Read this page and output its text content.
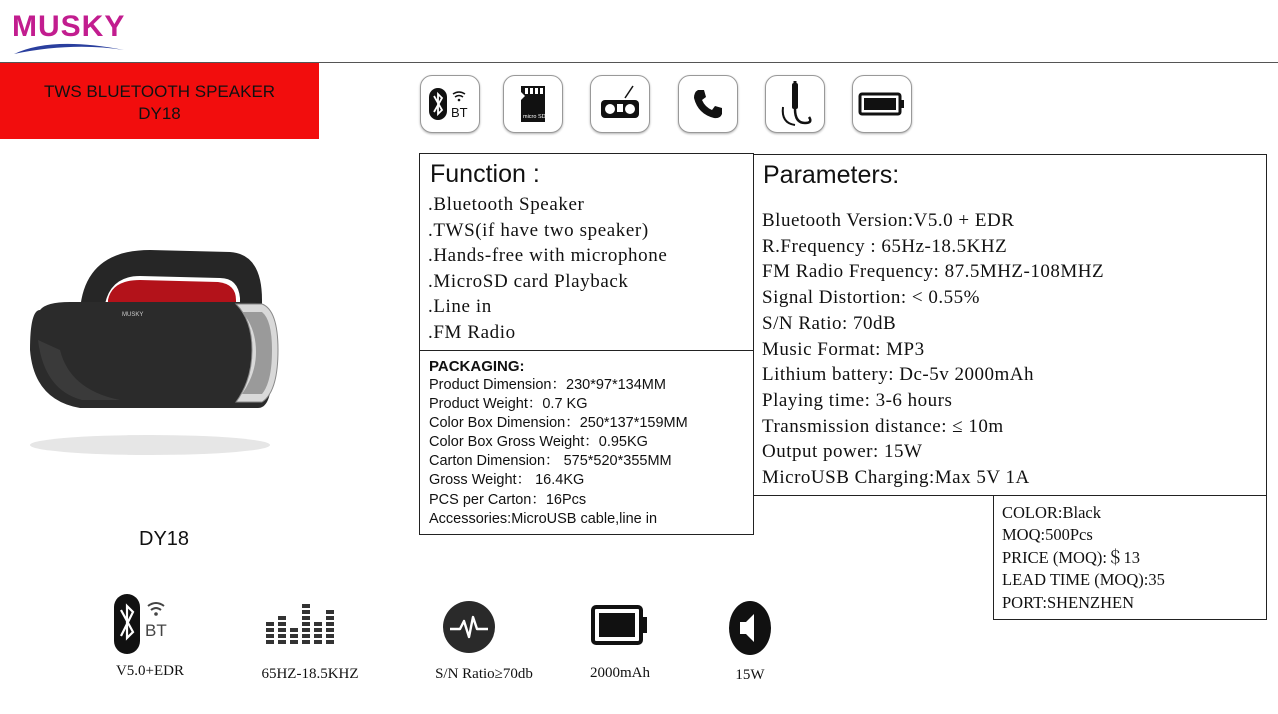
MUSKY
TWS BLUETOOTH SPEAKER
DY18	BT	micro SD
MUSKY
DY18
Function :
.Bluetooth Speaker
.TWS(if have two speaker)
.Hands-free with microphone
.MicroSD card Playback
.Line in
.FM Radio
PACKAGING:
Product Dimension：230*97*134MM
Product Weight：0.7 KG
Color Box Dimension：250*137*159MM
Color Box Gross Weight：0.95KG
Carton Dimension： 575*520*355MM
Gross Weight： 16.4KG
PCS per Carton：16Pcs
Accessories:MicroUSB cable,line in
Parameters:
Bluetooth Version:V5.0 + EDR
R.Frequency : 65Hz-18.5KHZ
FM Radio Frequency: 87.5MHZ-108MHZ
Signal Distortion: < 0.55%
S/N Ratio: 70dB
Music Format: MP3
Lithium battery: Dc-5v 2000mAh
Playing time: 3-6 hours
Transmission distance: ≤ 10m
Output power: 15W
MicroUSB Charging:Max 5V 1A
COLOR:Black
MOQ:500Pcs
PRICE (MOQ):＄13
LEAD TIME (MOQ):35
PORT:SHENZHEN
BT
V5.0+EDR	65HZ-18.5KHZ	S/N Ratio≥70db	2000mAh	15W
